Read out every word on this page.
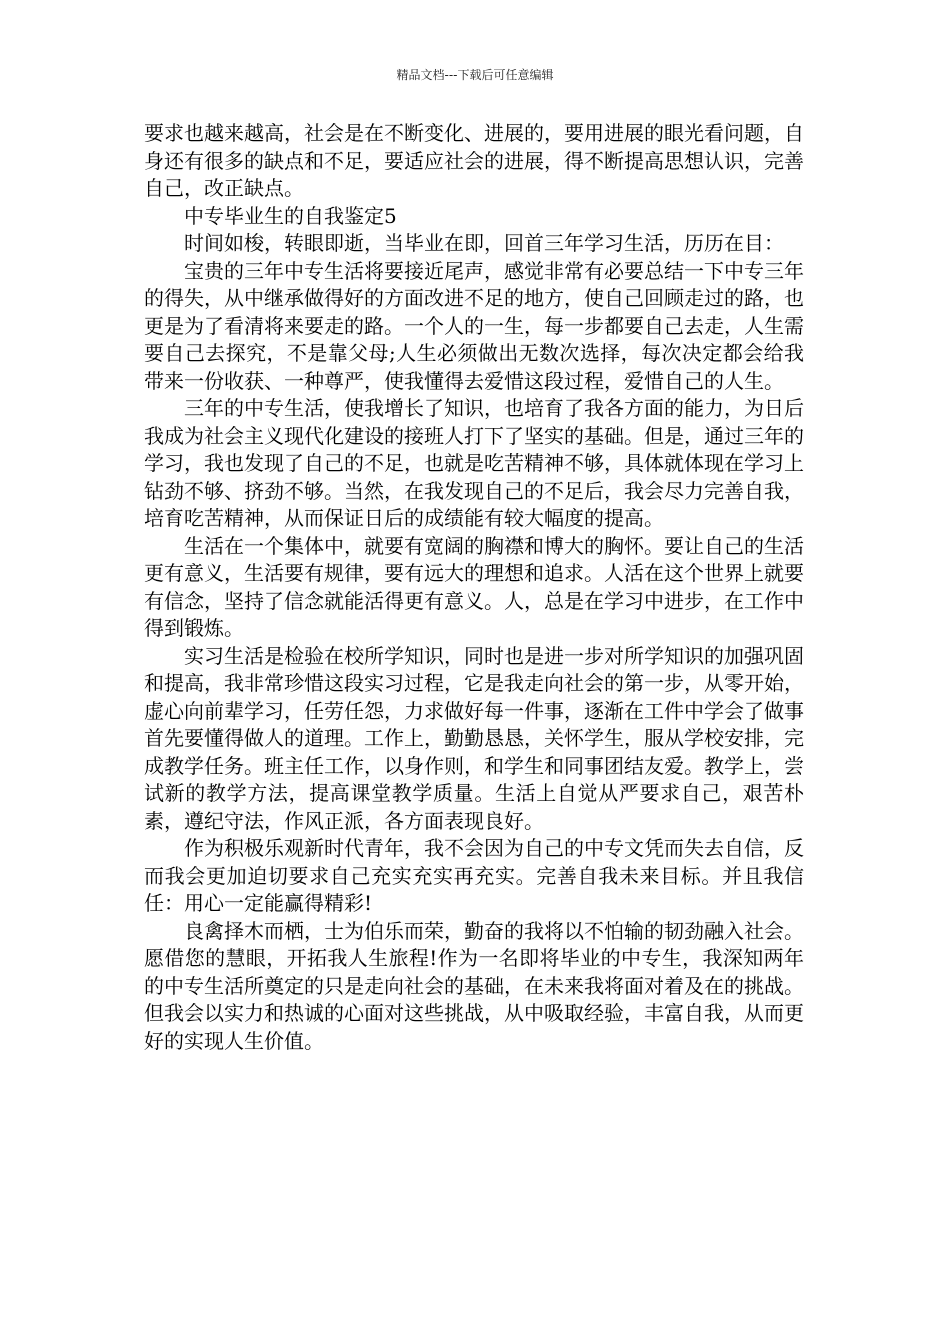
精品文档---下载后可任意编辑

要求也越来越高，社会是在不断变化、进展的，要用进展的眼光看问题，自身还有很多的缺点和不足，要适应社会的进展，得不断提高思想认识，完善自己，改正缺点。

中专毕业生的自我鉴定5

时间如梭，转眼即逝，当毕业在即，回首三年学习生活，历历在目：

宝贵的三年中专生活将要接近尾声，感觉非常有必要总结一下中专三年的得失，从中继承做得好的方面改进不足的地方，使自己回顾走过的路，也更是为了看清将来要走的路。一个人的一生，每一步都要自己去走，人生需要自己去探究，不是靠父母;人生必须做出无数次选择，每次决定都会给我带来一份收获、一种尊严，使我懂得去爱惜这段过程，爱惜自己的人生。

三年的中专生活，使我增长了知识，也培育了我各方面的能力，为日后我成为社会主义现代化建设的接班人打下了坚实的基础。但是，通过三年的学习，我也发现了自己的不足，也就是吃苦精神不够，具体就体现在学习上钻劲不够、挤劲不够。当然，在我发现自己的不足后，我会尽力完善自我，培育吃苦精神，从而保证日后的成绩能有较大幅度的提高。

生活在一个集体中，就要有宽阔的胸襟和博大的胸怀。要让自己的生活更有意义，生活要有规律，要有远大的理想和追求。人活在这个世界上就要有信念，坚持了信念就能活得更有意义。人，总是在学习中进步，在工作中得到锻炼。

实习生活是检验在校所学知识，同时也是进一步对所学知识的加强巩固和提高，我非常珍惜这段实习过程，它是我走向社会的第一步，从零开始，虚心向前辈学习，任劳任怨，力求做好每一件事，逐渐在工件中学会了做事首先要懂得做人的道理。工作上，勤勤恳恳，关怀学生，服从学校安排，完成教学任务。班主任工作，以身作则，和学生和同事团结友爱。教学上，尝试新的教学方法，提高课堂教学质量。生活上自觉从严要求自己，艰苦朴素，遵纪守法，作风正派，各方面表现良好。

作为积极乐观新时代青年，我不会因为自己的中专文凭而失去自信，反而我会更加迫切要求自己充实充实再充实。完善自我未来目标。并且我信任：用心一定能赢得精彩!

良禽择木而栖，士为伯乐而荣，勤奋的我将以不怕输的韧劲融入社会。愿借您的慧眼，开拓我人生旅程!作为一名即将毕业的中专生，我深知两年的中专生活所奠定的只是走向社会的基础，在未来我将面对着及在的挑战。但我会以实力和热诚的心面对这些挑战，从中吸取经验，丰富自我，从而更好的实现人生价值。
